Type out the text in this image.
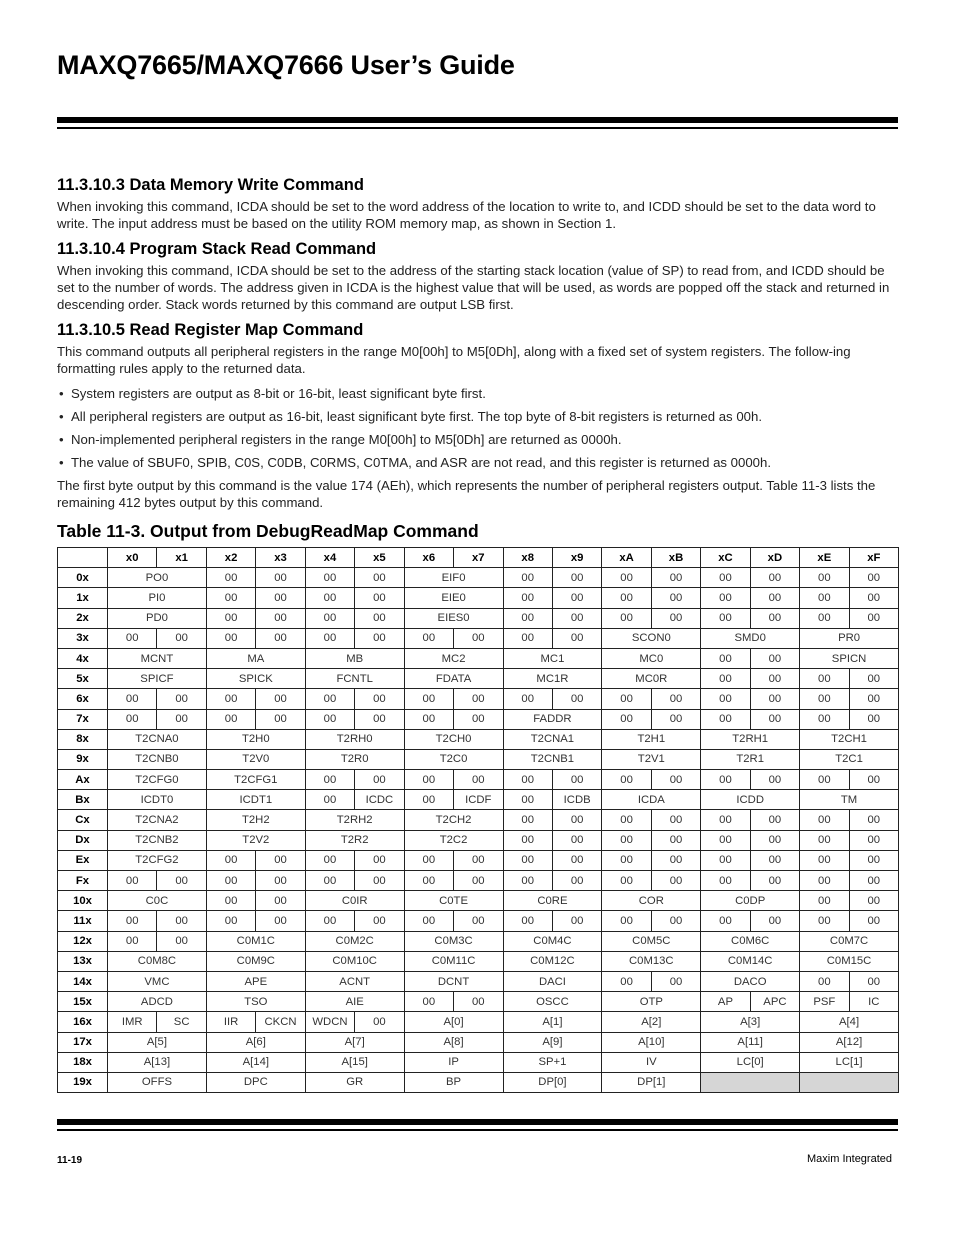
MAXQ7665/MAXQ7666 User’s Guide
11.3.10.3 Data Memory Write Command

When invoking this command, ICDA should be set to the word address of the location to write to, and ICDD should be set to the data word to write. The input address must be based on the utility ROM memory map, as shown in Section 1.

11.3.10.4 Program Stack Read Command

When invoking this command, ICDA should be set to the address of the starting stack location (value of SP) to read from, and ICDD should be set to the number of words. The address given in ICDA is the highest value that will be used, as words are popped off the stack and returned in descending order. Stack words returned by this command are output LSB first.

11.3.10.5 Read Register Map Command

This command outputs all peripheral registers in the range M0[00h] to M5[0Dh], along with a fixed set of system registers. The follow-ing formatting rules apply to the returned data.

• System registers are output as 8-bit or 16-bit, least significant byte first.
• All peripheral registers are output as 16-bit, least significant byte first. The top byte of 8-bit registers is returned as 00h.
• Non-implemented peripheral registers in the range M0[00h] to M5[0Dh] are returned as 0000h.
• The value of SBUF0, SPIB, C0S, C0DB, C0RMS, C0TMA, and ASR are not read, and this register is returned as 0000h.

The first byte output by this command is the value 174 (AEh), which represents the number of peripheral registers output. Table 11-3 lists the remaining 412 bytes output by this command.

Table 11-3. Output from DebugReadMap Command
	x0	x1	x2	x3	x4	x5	x6	x7	x8	x9	xA	xB	xC	xD	xE	xF
0x	PO0		00	00	00	00	EIF0		00	00	00	00	00	00	00	00
1x	PI0		00	00	00	00	EIE0		00	00	00	00	00	00	00	00
2x	PD0		00	00	00	00	EIES0		00	00	00	00	00	00	00	00
3x	00	00	00	00	00	00	00	00	00	00	SCON0		SMD0		PR0	
4x	MCNT		MA		MB		MC2		MC1		MC0		00	00	SPICN	
5x	SPICF		SPICK		FCNTL		FDATA		MC1R		MC0R		00	00	00	00
6x	00	00	00	00	00	00	00	00	00	00	00	00	00	00	00	00
7x	00	00	00	00	00	00	00	00	FADDR		00	00	00	00	00	00
8x	T2CNA0		T2H0		T2RH0		T2CH0		T2CNA1		T2H1		T2RH1		T2CH1	
9x	T2CNB0		T2V0		T2R0		T2C0		T2CNB1		T2V1		T2R1		T2C1	
Ax	T2CFG0		T2CFG1		00	00	00	00	00	00	00	00	00	00	00	00
Bx	ICDT0		ICDT1		00	ICDC	00	ICDF	00	ICDB	ICDA		ICDD		TM	
Cx	T2CNA2		T2H2		T2RH2		T2CH2		00	00	00	00	00	00	00	00
Dx	T2CNB2		T2V2		T2R2		T2C2		00	00	00	00	00	00	00	00
Ex	T2CFG2		00	00	00	00	00	00	00	00	00	00	00	00	00	00
Fx	00	00	00	00	00	00	00	00	00	00	00	00	00	00	00	00
10x	C0C		00	00	C0IR		C0TE		C0RE		COR		C0DP		00	00
11x	00	00	00	00	00	00	00	00	00	00	00	00	00	00	00	00
12x	00	00	C0M1C		C0M2C		C0M3C		C0M4C		C0M5C		C0M6C		C0M7C	
13x	C0M8C		C0M9C		C0M10C		C0M11C		C0M12C		C0M13C		C0M14C		C0M15C	
14x	VMC		APE		ACNT		DCNT		DACI		00	00	DACO		00	00
15x	ADCD		TSO		AIE		00	00	OSCC		OTP		AP	APC	PSF	IC
16x	IMR	SC	IIR	CKCN	WDCN	00	A[0]		A[1]		A[2]		A[3]		A[4]	
17x	A[5]		A[6]		A[7]		A[8]		A[9]		A[10]		A[11]		A[12]	
18x	A[13]		A[14]		A[15]		IP		SP+1		IV		LC[0]		LC[1]	
19x	OFFS		DPC		GR		BP		DP[0]		DP[1]					
11-19	Maxim Integrated
